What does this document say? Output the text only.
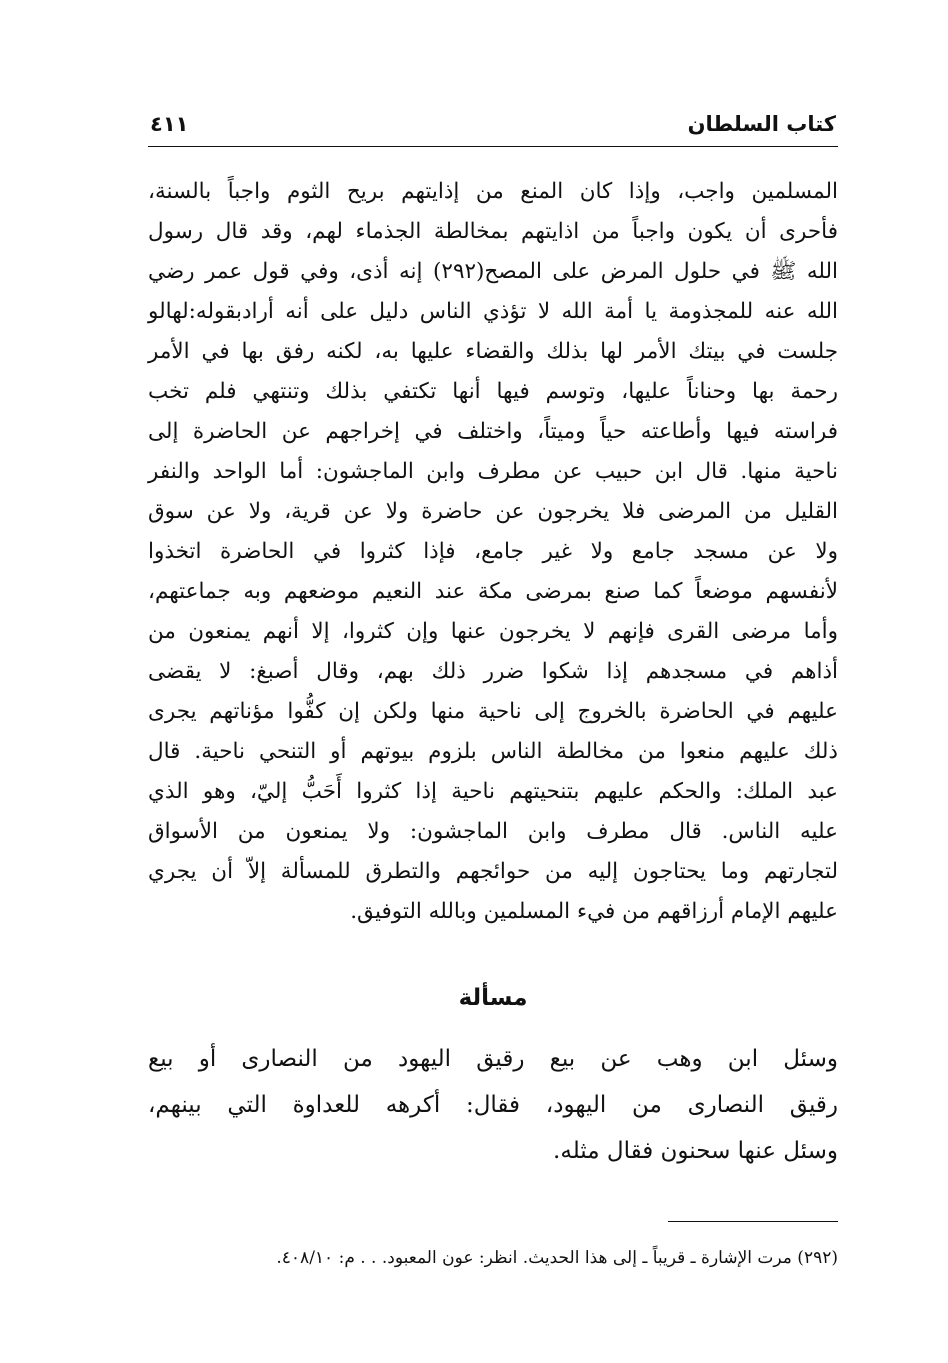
٤١١	كتاب السلطان
المسلمين واجب، وإذا كان المنع من إذايتهم بريح الثوم واجباً بالسنة،
فأحرى أن يكون واجباً من اذايتهم بمخالطة الجذماء لهم، وقد قال رسول
الله ﷺ في حلول المرض على المصح(٢٩٢) إنه أذى، وفي قول عمر رضي
الله عنه للمجذومة يا أمة الله لا تؤذي الناس دليل على أنه أرادبقوله:لهالو
جلست في بيتك الأمر لها بذلك والقضاء عليها به، لكنه رفق بها في الأمر
رحمة بها وحناناً عليها، وتوسم فيها أنها تكتفي بذلك وتنتهي فلم تخب
فراسته فيها وأطاعته حياً وميتاً، واختلف في إخراجهم عن الحاضرة إلى
ناحية منها. قال ابن حبيب عن مطرف وابن الماجشون: أما الواحد والنفر
القليل من المرضى فلا يخرجون عن حاضرة ولا عن قرية، ولا عن سوق
ولا عن مسجد جامع ولا غير جامع، فإذا كثروا في الحاضرة اتخذوا
لأنفسهم موضعاً كما صنع بمرضى مكة عند النعيم موضعهم وبه جماعتهم،
وأما مرضى القرى فإنهم لا يخرجون عنها وإن كثروا، إلا أنهم يمنعون من
أذاهم في مسجدهم إذا شكوا ضرر ذلك بهم، وقال أصبغ: لا يقضى
عليهم في الحاضرة بالخروج إلى ناحية منها ولكن إن كفُّوا مؤناتهم يجرى
ذلك عليهم منعوا من مخالطة الناس بلزوم بيوتهم أو التنحي ناحية. قال
عبد الملك: والحكم عليهم بتنحيتهم ناحية إذا كثروا أَحَبُّ إليّ، وهو الذي
عليه الناس. قال مطرف وابن الماجشون: ولا يمنعون من الأسواق
لتجارتهم وما يحتاجون إليه من حوائجهم والتطرق للمسألة إلاّ أن يجري
عليهم الإمام أرزاقهم من فيء المسلمين وبالله التوفيق.
مسألة
وسئل ابن وهب عن بيع رقيق اليهود من النصارى أو بيع
رقيق النصارى من اليهود، فقال: أكرهه للعداوة التي بينهم،
وسئل عنها سحنون فقال مثله.
(٢٩٢) مرت الإشارة ـ قريباً ـ إلى هذا الحديث. انظر: عون المعبود. . . م: ٤٠٨/١٠.
